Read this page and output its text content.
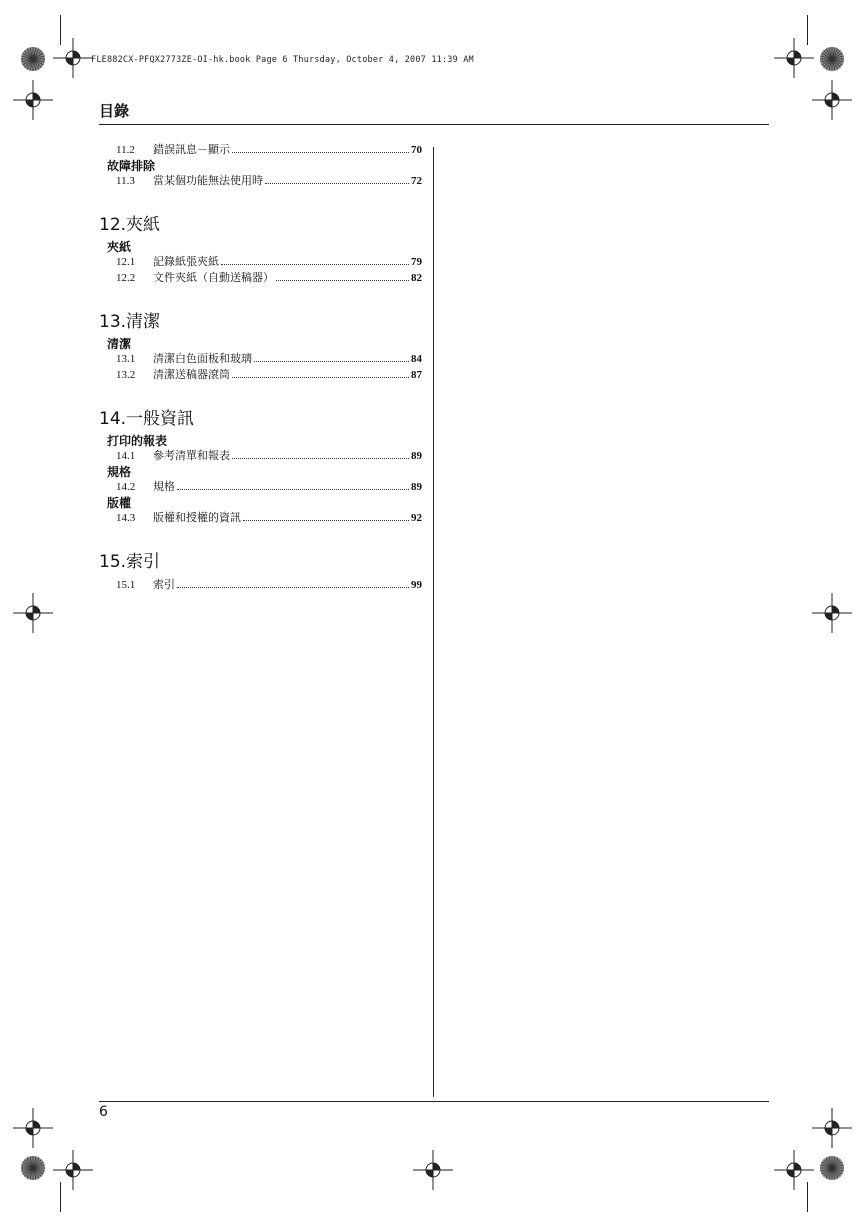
FLE882CX-PFQX2773ZE-OI-hk.book Page 6 Thursday, October 4, 2007 11:39 AM
目錄
6
11.2	錯誤訊息－顯示	70
故障排除
11.3	當某個功能無法使用時	72
12.夾紙
夾紙
12.1	記錄紙張夾紙	79
12.2	文件夾紙（自動送稿器）	82
13.清潔
清潔
13.1	清潔白色面板和玻璃	84
13.2	清潔送稿器滾筒	87
14.一般資訊
打印的報表
14.1	參考清單和報表	89
規格
14.2	規格	89
版權
14.3	版權和授權的資訊	92
15.索引
15.1	索引	99
